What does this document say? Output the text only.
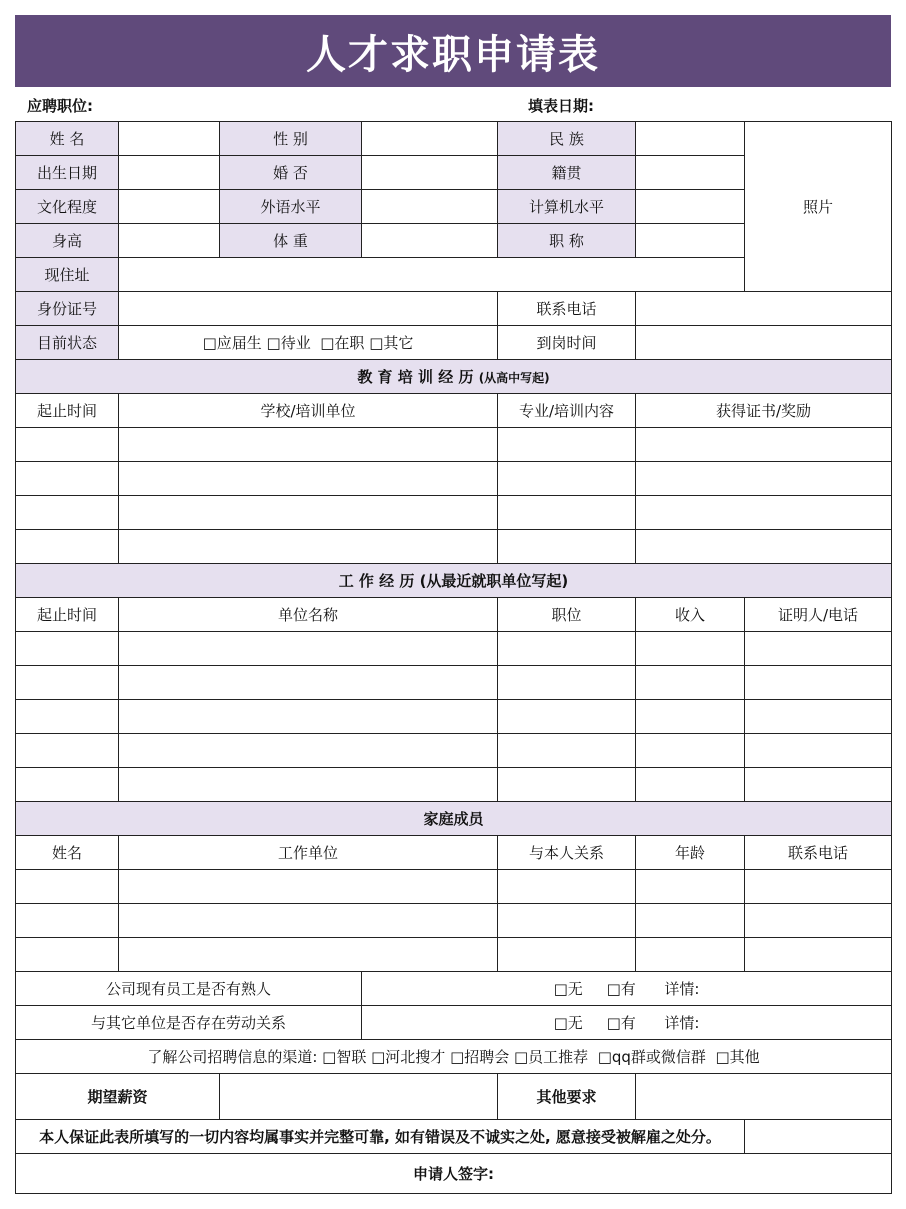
人才求职申请表
应聘职位:	填表日期:
姓 名		性 别		民 族		照片
出生日期		婚 否		籍贯		
文化程度		外语水平		计算机水平		
身高		体 重		职 称		
现住址						
身份证号				联系电话		
目前状态	□应届生 □待业  □在职 □其它			到岗时间		
教 育 培 训 经 历 (从高中写起)						
起止时间	学校/培训单位			专业/培训内容	获得证书/奖励	

工 作 经 历 (从最近就职单位写起)						
起止时间	单位名称			职位	收入	证明人/电话

家庭成员						
姓名	工作单位			与本人关系	年龄	联系电话

公司现有员工是否有熟人			□无     □有      详情:			
与其它单位是否存在劳动关系			□无     □有      详情:			
了解公司招聘信息的渠道: □智联 □河北搜才 □招聘会 □员工推荐  □qq群或微信群  □其他						
期望薪资				其他要求		
本人保证此表所填写的一切内容均属事实并完整可靠, 如有错误及不诚实之处, 愿意接受被解雇之处分。						
申请人签字:						
